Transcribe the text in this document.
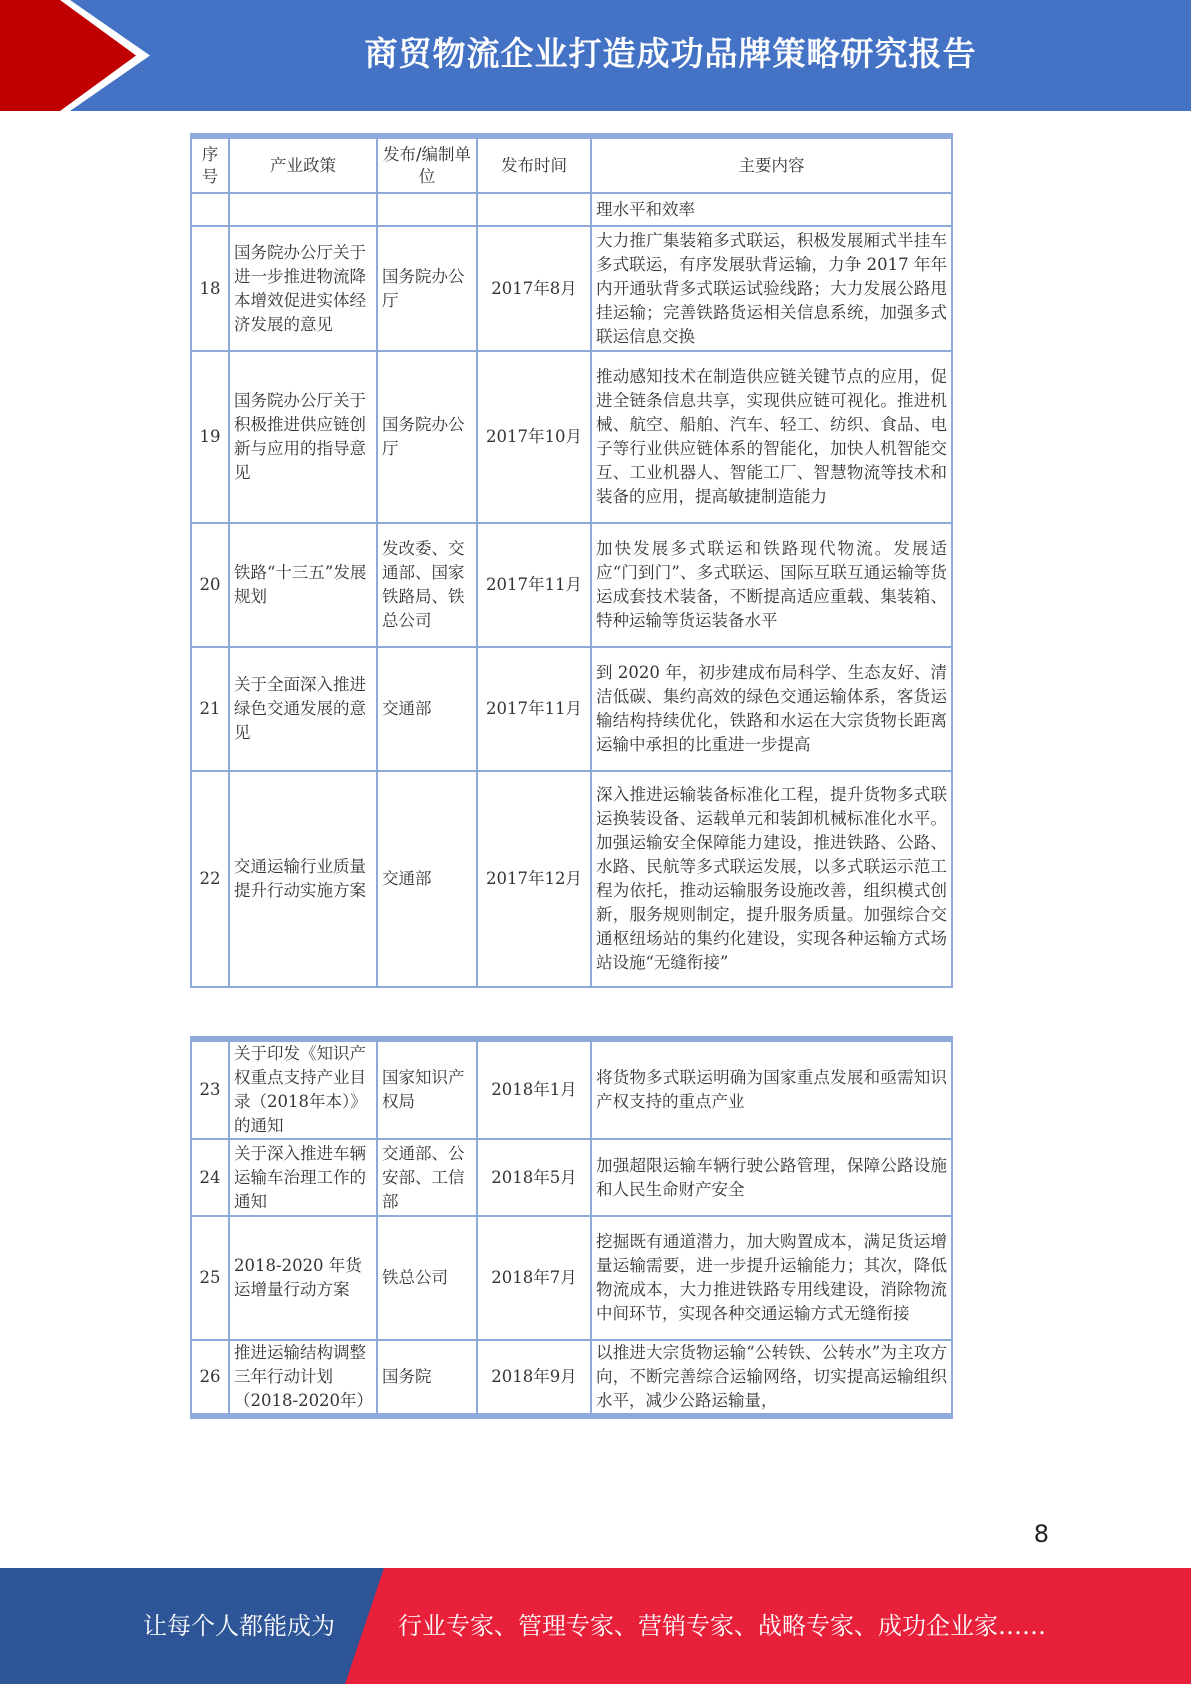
商贸物流企业打造成功品牌策略研究报告
序号	产业政策	发布/编制单位	发布时间	主要内容
				理水平和效率
18	国务院办公厅关于进一步推进物流降本增效促进实体经济发展的意见	国务院办公厅	2017年8月	大力推广集装箱多式联运，积极发展厢式半挂车多式联运，有序发展驮背运输，力争 2017 年年内开通驮背多式联运试验线路；大力发展公路甩挂运输；完善铁路货运相关信息系统，加强多式联运信息交换
19	国务院办公厅关于积极推进供应链创新与应用的指导意见	国务院办公厅	2017年10月	推动感知技术在制造供应链关键节点的应用，促进全链条信息共享，实现供应链可视化。推进机械、航空、船舶、汽车、轻工、纺织、食品、电子等行业供应链体系的智能化，加快人机智能交互、工业机器人、智能工厂、智慧物流等技术和装备的应用，提高敏捷制造能力
20	铁路“十三五”发展规划	发改委、交通部、国家铁路局、铁总公司	2017年11月	加快发展多式联运和铁路现代物流。发展适应“门到门”、多式联运、国际互联互通运输等货运成套技术装备，不断提高适应重载、集装箱、特种运输等货运装备水平
21	关于全面深入推进绿色交通发展的意见	交通部	2017年11月	到 2020 年，初步建成布局科学、生态友好、清洁低碳、集约高效的绿色交通运输体系，客货运输结构持续优化，铁路和水运在大宗货物长距离运输中承担的比重进一步提高
22	交通运输行业质量提升行动实施方案	交通部	2017年12月	深入推进运输装备标准化工程，提升货物多式联运换装设备、运载单元和装卸机械标准化水平。加强运输安全保障能力建设，推进铁路、公路、水路、民航等多式联运发展，以多式联运示范工程为依托，推动运输服务设施改善，组织模式创新，服务规则制定，提升服务质量。加强综合交通枢纽场站的集约化建设，实现各种运输方式场站设施“无缝衔接”
23	关于印发《知识产权重点支持产业目录（2018年本）》的通知	国家知识产权局	2018年1月	将货物多式联运明确为国家重点发展和亟需知识产权支持的重点产业
24	关于深入推进车辆运输车治理工作的通知	交通部、公安部、工信部	2018年5月	加强超限运输车辆行驶公路管理，保障公路设施和人民生命财产安全
25	2018-2020 年货运增量行动方案	铁总公司	2018年7月	挖掘既有通道潜力，加大购置成本，满足货运增量运输需要，进一步提升运输能力；其次，降低物流成本，大力推进铁路专用线建设，消除物流中间环节，实现各种交通运输方式无缝衔接
26	推进运输结构调整三年行动计划（2018-2020年）	国务院	2018年9月	以推进大宗货物运输“公转铁、公转水”为主攻方向，不断完善综合运输网络，切实提高运输组织水平，减少公路运输量，
8
让每个人都能成为	行业专家、管理专家、营销专家、战略专家、成功企业家……
